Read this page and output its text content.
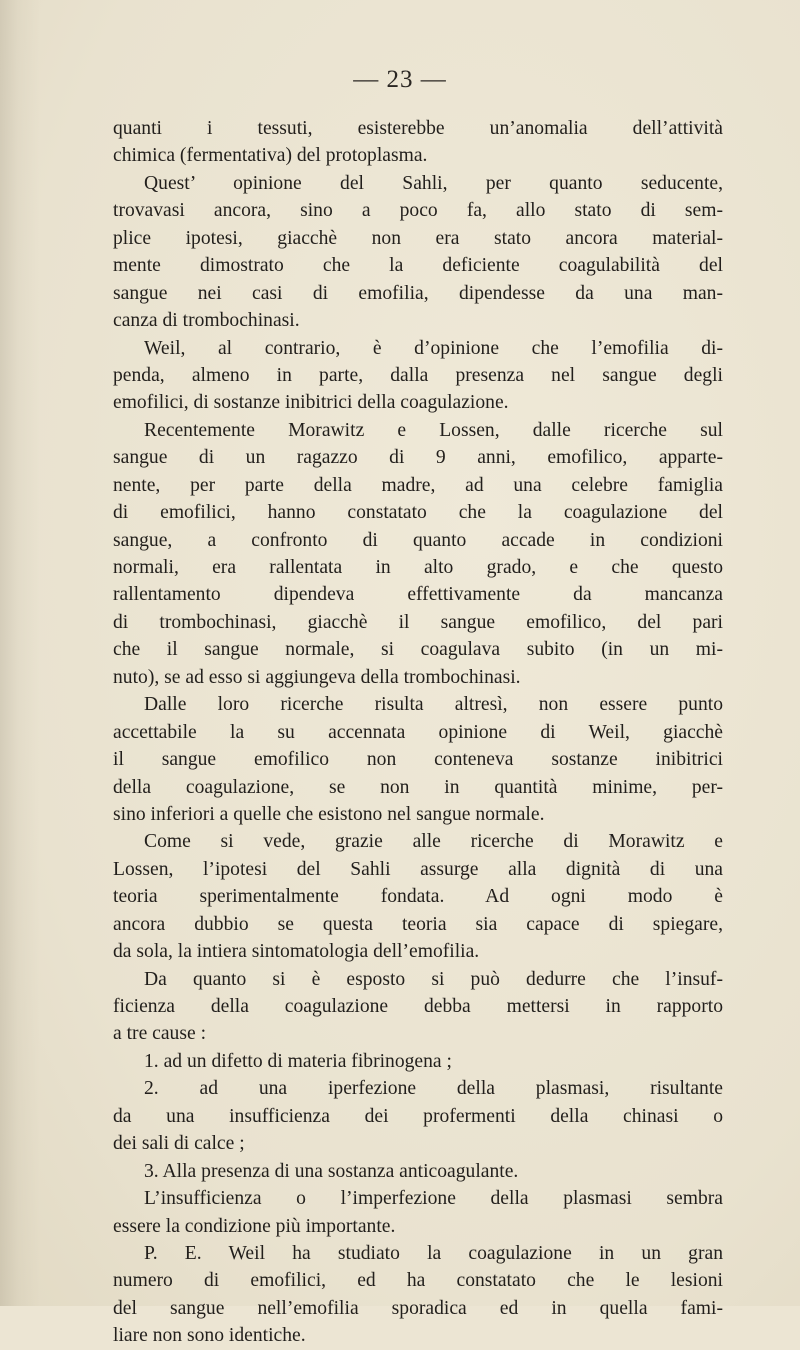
— 23 —
quanti i tessuti, esisterebbe un’anomalia dell’attività
chimica (fermentativa) del protoplasma.
Quest’ opinione del Sahli, per quanto seducente,
trovavasi ancora, sino a poco fa, allo stato di sem-
plice ipotesi, giacchè non era stato ancora material-
mente dimostrato che la deficiente coagulabilità del
sangue nei casi di emofilia, dipendesse da una man-
canza di trombochinasi.
Weil, al contrario, è d’opinione che l’emofilia di-
penda, almeno in parte, dalla presenza nel sangue degli
emofilici, di sostanze inibitrici della coagulazione.
Recentemente Morawitz e Lossen, dalle ricerche sul
sangue di un ragazzo di 9 anni, emofilico, apparte-
nente, per parte della madre, ad una celebre famiglia
di emofilici, hanno constatato che la coagulazione del
sangue, a confronto di quanto accade in condizioni
normali, era rallentata in alto grado, e che questo
rallentamento dipendeva effettivamente da mancanza
di trombochinasi, giacchè il sangue emofilico, del pari
che il sangue normale, si coagulava subito (in un mi-
nuto), se ad esso si aggiungeva della trombochinasi.
Dalle loro ricerche risulta altresì, non essere punto
accettabile la su accennata opinione di Weil, giacchè
il sangue emofilico non conteneva sostanze inibitrici
della coagulazione, se non in quantità minime, per-
sino inferiori a quelle che esistono nel sangue normale.
Come si vede, grazie alle ricerche di Morawitz e
Lossen, l’ipotesi del Sahli assurge alla dignità di una
teoria sperimentalmente fondata. Ad ogni modo è
ancora dubbio se questa teoria sia capace di spiegare,
da sola, la intiera sintomatologia dell’emofilia.
Da quanto si è esposto si può dedurre che l’insuf-
ficienza della coagulazione debba mettersi in rapporto
a tre cause :
1. ad un difetto di materia fibrinogena ;
2. ad una iperfezione della plasmasi, risultante
da una insufficienza dei profermenti della chinasi o
dei sali di calce ;
3. Alla presenza di una sostanza anticoagulante.
L’insufficienza o l’imperfezione della plasmasi sembra
essere la condizione più importante.
P. E. Weil ha studiato la coagulazione in un gran
numero di emofilici, ed ha constatato che le lesioni
del sangue nell’emofilia sporadica ed in quella fami-
liare non sono identiche.
